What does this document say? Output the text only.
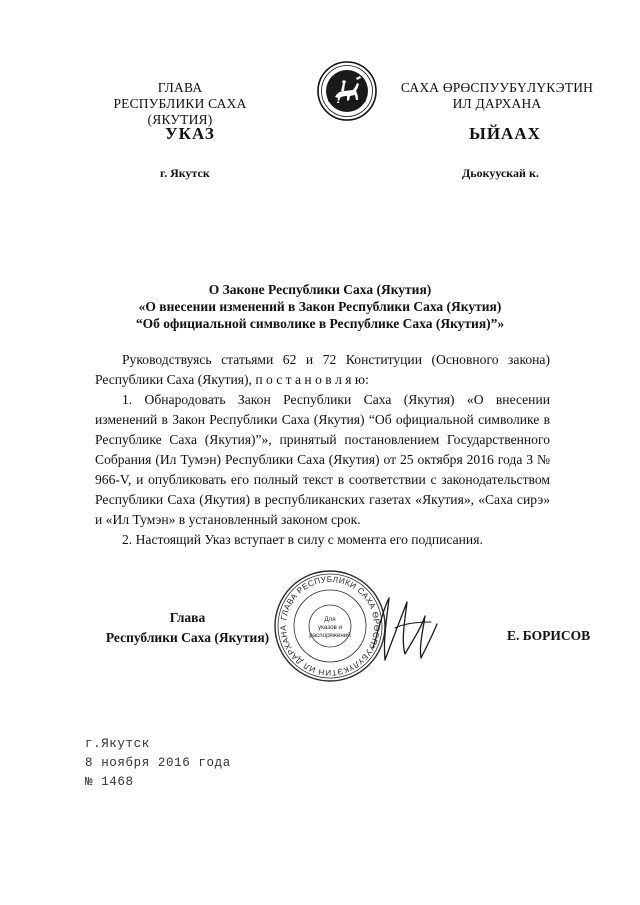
ГЛАВА
РЕСПУБЛИКИ САХА (ЯКУТИЯ)
САХА ӨРӨСПУУБҮЛҮКЭТИН
ИЛ ДАРХАНА
УКАЗ	ЫЙААХ
г. Якутск	Дьокуускай к.
О Законе Республики Саха (Якутия)
«О внесении изменений в Закон Республики Саха (Якутия)
“Об официальной символике в Республике Саха (Якутия)”»
Руководствуясь статьями 62 и 72 Конституции (Основного закона) Республики Саха (Якутия), п о с т а н о в л я ю:
1. Обнародовать Закон Республики Саха (Якутия) «О внесении изменений в Закон Республики Саха (Якутия) “Об официальной символике в Республике Саха (Якутия)”», принятый постановлением Государственного Собрания (Ил Тумэн) Республики Саха (Якутия) от 25 октября 2016 года З № 966-V, и опубликовать его полный текст в соответствии с законодательством Республики Саха (Якутия) в республиканских газетах «Якутия», «Саха сирэ» и «Ил Тумэн» в установленный законом срок.
2. Настоящий Указ вступает в силу с момента его подписания.
Глава
Республики Саха (Якутия)	Е. БОРИСОВ
ГЛАВА РЕСПУБЛИКИ САХА ӨРӨСПУУБҮЛҮКЭТИН ИЛ ДАРХАНА
Для
указов и
распоряжений
г.Якутск
8 ноября 2016 года
№ 1468
